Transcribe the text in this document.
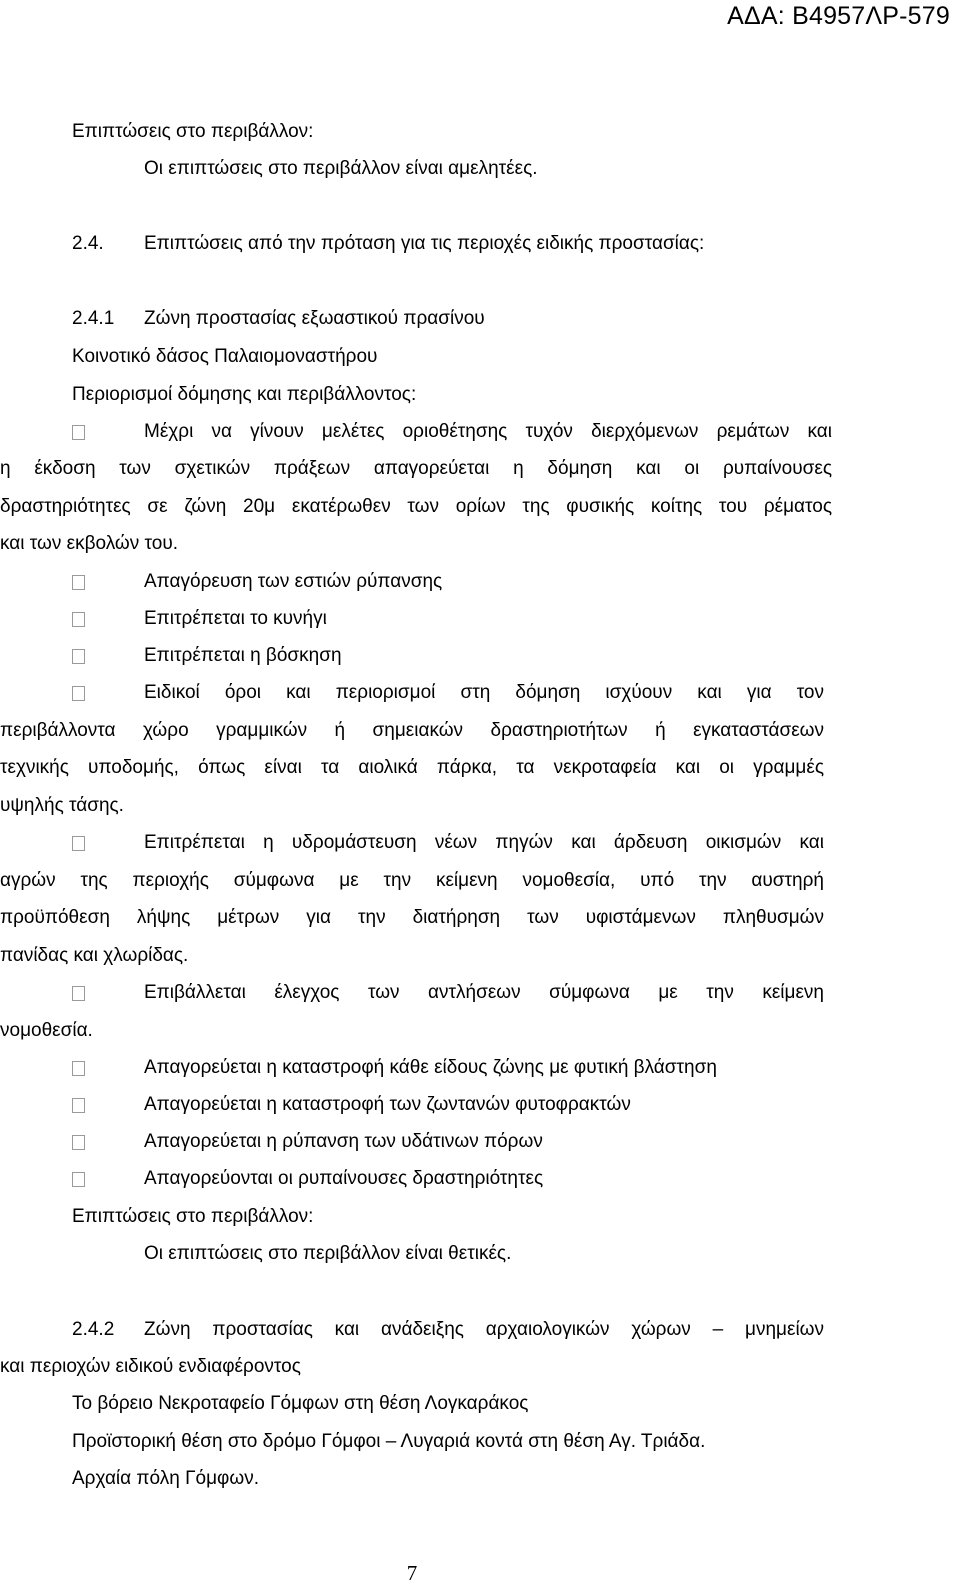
ΑΔΑ: Β4957ΛΡ-579
Επιπτώσεις στο περιβάλλον:
Οι επιπτώσεις στο περιβάλλον είναι αμελητέες.
2.4. Επιπτώσεις από την πρόταση για τις περιοχές ειδικής προστασίας:
2.4.1 Ζώνη προστασίας εξωαστικού πρασίνου
Κοινοτικό δάσος Παλαιομοναστήρου
Περιορισμοί δόμησης και περιβάλλοντος:
Μέχρι να γίνουν μελέτες οριοθέτησης τυχόν διερχόμενων ρεμάτων και
η έκδοση των σχετικών πράξεων απαγορεύεται η δόμηση και οι ρυπαίνουσες
δραστηριότητες σε ζώνη 20μ εκατέρωθεν των ορίων της φυσικής κοίτης του ρέματος
και των εκβολών του.
Απαγόρευση των εστιών ρύπανσης
Επιτρέπεται το κυνήγι
Επιτρέπεται η βόσκηση
Ειδικοί όροι και περιορισμοί στη δόμηση ισχύουν και για τον
περιβάλλοντα χώρο γραμμικών ή σημειακών δραστηριοτήτων ή εγκαταστάσεων
τεχνικής υποδομής, όπως είναι τα αιολικά πάρκα, τα νεκροταφεία και οι γραμμές
υψηλής τάσης.
Επιτρέπεται η υδρομάστευση νέων πηγών και άρδευση οικισμών και
αγρών της περιοχής σύμφωνα με την κείμενη νομοθεσία, υπό την αυστηρή
προϋπόθεση λήψης μέτρων για την διατήρηση των υφιστάμενων πληθυσμών
πανίδας και χλωρίδας.
Επιβάλλεται έλεγχος των αντλήσεων σύμφωνα με την κείμενη
νομοθεσία.
Απαγορεύεται η καταστροφή κάθε είδους ζώνης με φυτική βλάστηση
Απαγορεύεται η καταστροφή των ζωντανών φυτοφρακτών
Απαγορεύεται η ρύπανση των υδάτινων πόρων
Απαγορεύονται οι ρυπαίνουσες δραστηριότητες
Επιπτώσεις στο περιβάλλον:
Οι επιπτώσεις στο περιβάλλον είναι θετικές.
2.4.2 Ζώνη προστασίας και ανάδειξης αρχαιολογικών χώρων – μνημείων
και περιοχών ειδικού ενδιαφέροντος
Το βόρειο Νεκροταφείο Γόμφων στη θέση Λογκαράκος
Προϊστορική θέση στο δρόμο Γόμφοι – Λυγαριά κοντά στη θέση Αγ. Τριάδα.
Αρχαία πόλη Γόμφων.
7
